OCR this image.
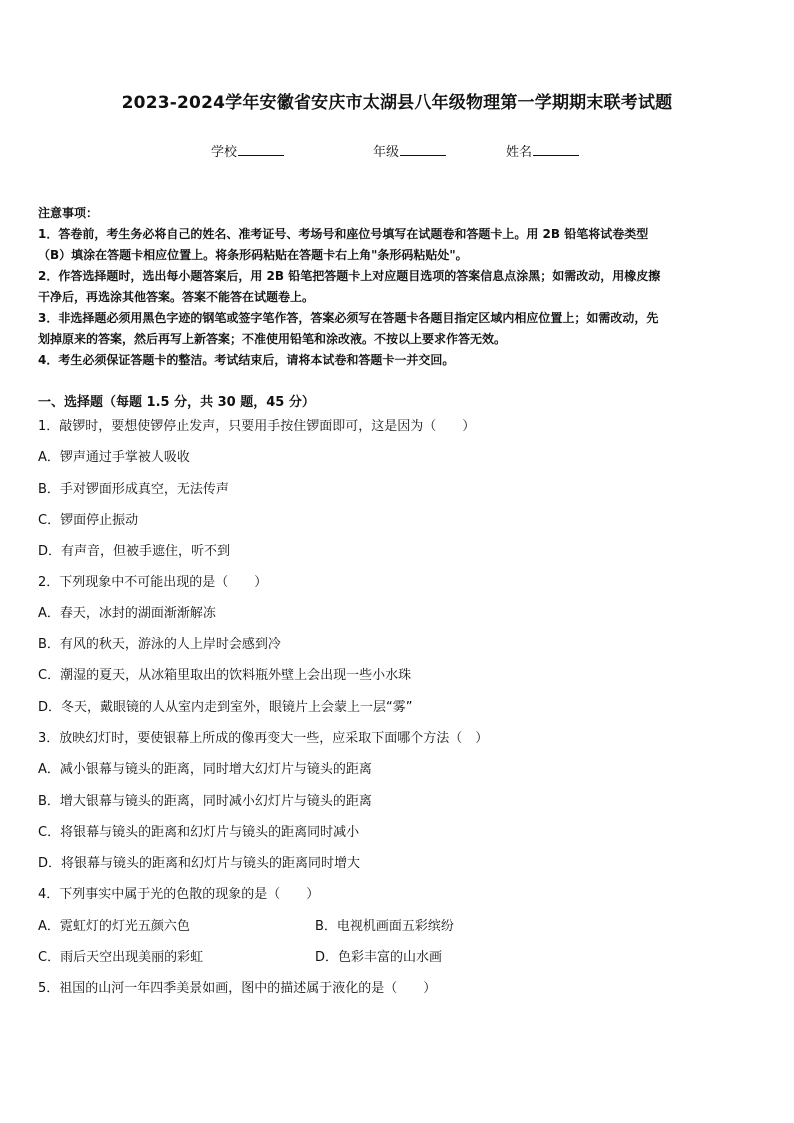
2023-2024学年安徽省安庆市太湖县八年级物理第一学期期末联考试题
学校	年级	姓名
注意事项：
1．答卷前，考生务必将自己的姓名、准考证号、考场号和座位号填写在试题卷和答题卡上。用 2B 铅笔将试卷类型
（B）填涂在答题卡相应位置上。将条形码粘贴在答题卡右上角"条形码粘贴处"。
2．作答选择题时，选出每小题答案后，用 2B 铅笔把答题卡上对应题目选项的答案信息点涂黑；如需改动，用橡皮擦
干净后，再选涂其他答案。答案不能答在试题卷上。
3．非选择题必须用黑色字迹的钢笔或签字笔作答，答案必须写在答题卡各题目指定区域内相应位置上；如需改动，先
划掉原来的答案，然后再写上新答案；不准使用铅笔和涂改液。不按以上要求作答无效。
4．考生必须保证答题卡的整洁。考试结束后，请将本试卷和答题卡一并交回。
一、选择题（每题 1.5 分，共 30 题，45 分）
1．敲锣时，要想使锣停止发声，只要用手按住锣面即可，这是因为（　　）
A．锣声通过手掌被人吸收
B．手对锣面形成真空，无法传声
C．锣面停止振动
D．有声音，但被手遮住，听不到
2．下列现象中不可能出现的是（　　）
A．春天，冰封的湖面渐渐解冻
B．有风的秋天，游泳的人上岸时会感到冷
C．潮湿的夏天，从冰箱里取出的饮料瓶外壁上会出现一些小水珠
D．冬天，戴眼镜的人从室内走到室外，眼镜片上会蒙上一层“雾”
3．放映幻灯时，要使银幕上所成的像再变大一些，应采取下面哪个方法（　）
A．减小银幕与镜头的距离，同时增大幻灯片与镜头的距离
B．增大银幕与镜头的距离，同时减小幻灯片与镜头的距离
C．将银幕与镜头的距离和幻灯片与镜头的距离同时减小
D．将银幕与镜头的距离和幻灯片与镜头的距离同时增大
4．下列事实中属于光的色散的现象的是（　　）
A．霓虹灯的灯光五颜六色	B．电视机画面五彩缤纷
C．雨后天空出现美丽的彩虹	D．色彩丰富的山水画
5．祖国的山河一年四季美景如画，图中的描述属于液化的是（　　）
